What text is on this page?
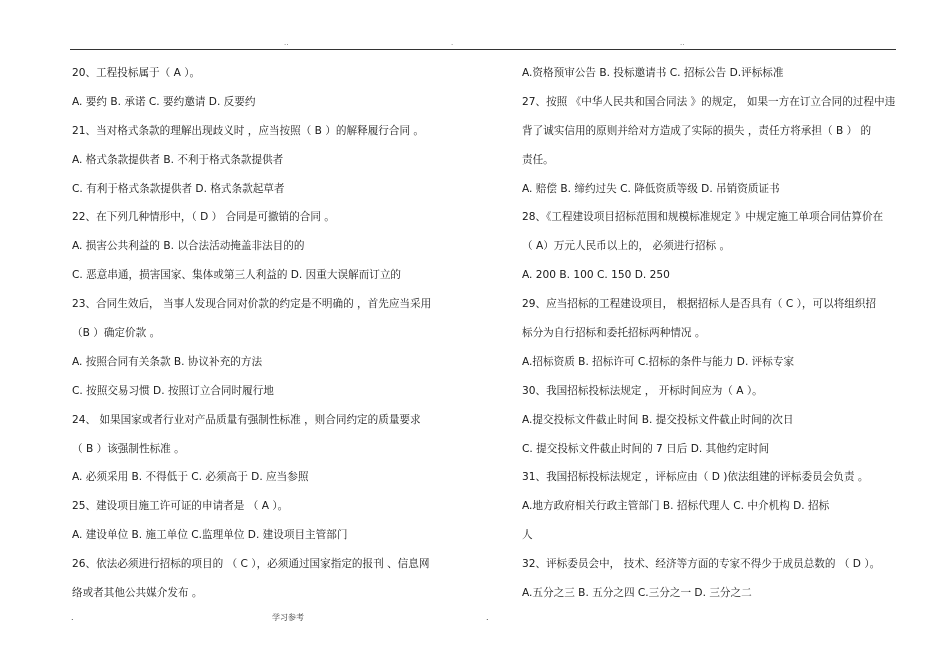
..	.	..
20、工程投标属于（ A ）。
A. 要约 B. 承诺 C. 要约邀请 D. 反要约
21、当对格式条款的理解出现歧义时 ，应当按照（ B ）的解释履行合同 。
A. 格式条款提供者 B. 不利于格式条款提供者
C. 有利于格式条款提供者 D. 格式条款起草者
22、在下列几种情形中，（ D ） 合同是可撤销的合同 。
A. 损害公共利益的 B. 以合法活动掩盖非法目的的
C. 恶意串通，损害国家、集体或第三人利益的 D. 因重大误解而订立的
23、合同生效后， 当事人发现合同对价款的约定是不明确的 ，首先应当采用
（B ）确定价款 。
A. 按照合同有关条款 B. 协议补充的方法
C. 按照交易习惯 D. 按照订立合同时履行地
24、 如果国家或者行业对产品质量有强制性标准 ，则合同约定的质量要求
（ B ）该强制性标准 。
A. 必须采用 B. 不得低于 C. 必须高于 D. 应当参照
25、建设项目施工许可证的申请者是 （ A ）。
A. 建设单位 B. 施工单位 C.监理单位 D. 建设项目主管部门
26、依法必须进行招标的项目的 （ C ），必须通过国家指定的报刊 、信息网
络或者其他公共媒介发布 。
A.资格预审公告 B. 投标邀请书 C. 招标公告 D.评标标准
27、按照 《中华人民共和国合同法 》的规定， 如果一方在订立合同的过程中违
背了诚实信用的原则并给对方造成了实际的损失 ，责任方将承担（ B ） 的
责任。
A. 赔偿 B. 缔约过失 C. 降低资质等级 D. 吊销资质证书
28、《工程建设项目招标范围和规模标准规定 》中规定施工单项合同估算价在
（ A）万元人民币以上的， 必须进行招标 。
A. 200 B. 100 C. 150 D. 250
29、应当招标的工程建设项目， 根据招标人是否具有（ C ），可以将组织招
标分为自行招标和委托招标两种情况 。
A.招标资质 B. 招标许可 C.招标的条件与能力 D. 评标专家
30、我国招标投标法规定 ， 开标时间应为（ A ）。
A.提交投标文件截止时间 B. 提交投标文件截止时间的次日
C. 提交投标文件截止时间的 7 日后 D. 其他约定时间
31、我国招标投标法规定 ，评标应由（ D )依法组建的评标委员会负责 。
A.地方政府相关行政主管部门 B. 招标代理人 C. 中介机构 D. 招标
人
32、评标委员会中， 技术、经济等方面的专家不得少于成员总数的 （ D ）。
A.五分之三 B. 五分之四 C.三分之一 D. 三分之二
.	学习参考	.
